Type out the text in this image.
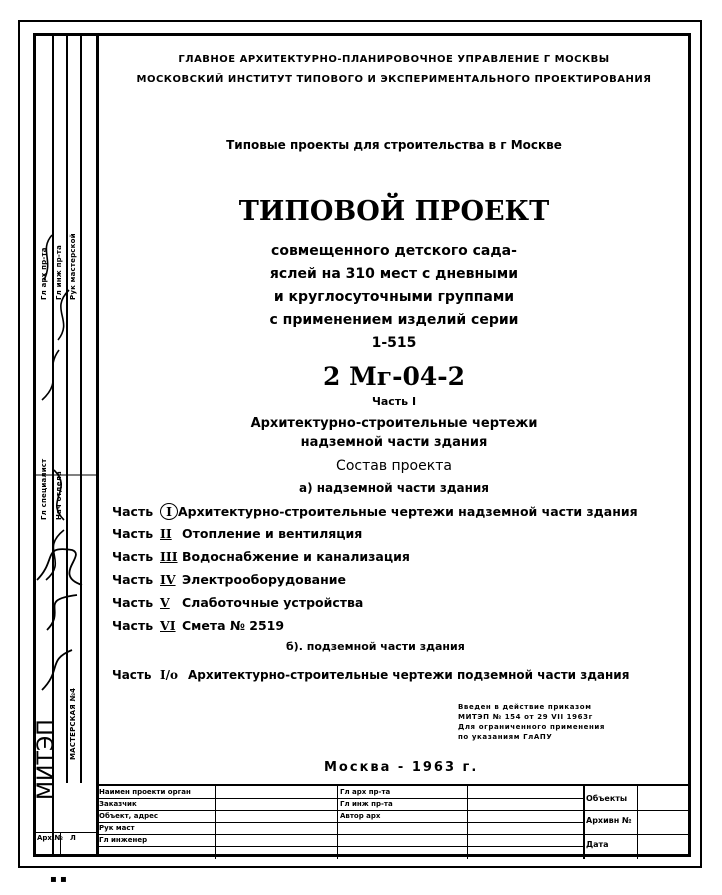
Гл арх пр-та Гл инж пр-та Рук мастерской
Гл специалист Нач отдела
МАСТЕРСКАЯ №4
МИТЭП
ГЛАВНОЕ АРХИТЕКТУРНО-ПЛАНИРОВОЧНОЕ УПРАВЛЕНИЕ Г МОСКВЫ
МОСКОВСКИЙ ИНСТИТУТ ТИПОВОГО И ЭКСПЕРИМЕНТАЛЬНОГО ПРОЕКТИРОВАНИЯ
Типовые проекты для строительства в г Москве
ТИПОВОЙ ПРОЕКТ
совмещенного детского сада-
яслей на 310 мест с дневными
и круглосуточными группами
с применением изделий серии
1-515
2 Мг-04-2
Часть I
Архитектурно-строительные чертежи
надземной части здания
Состав проекта
а) надземной части здания
Часть I Архитектурно-строительные чертежи надземной части здания
Часть II Отопление и вентиляция
Часть III Водоснабжение и канализация
Часть IV Электрооборудование
Часть V Слаботочные устройства
Часть VI Смета № 2519
б). подземной части здания
Часть I/о Архитектурно-строительные чертежи подземной части здания
Введен в действие приказом
МИТЭП № 154 от 29 VII 1963г
Для ограниченного применения
по указаниям ГлАПУ
Москва - 1963 г.
Наимен проекти орган
Заказчик
Объект, адрес
Рук мaст
Гл инженер
Гл арх пр-та
Гл инж пр-та
Автор арх
Объекты
Архивн №
Дата
Арх № Л
▪ ▪
